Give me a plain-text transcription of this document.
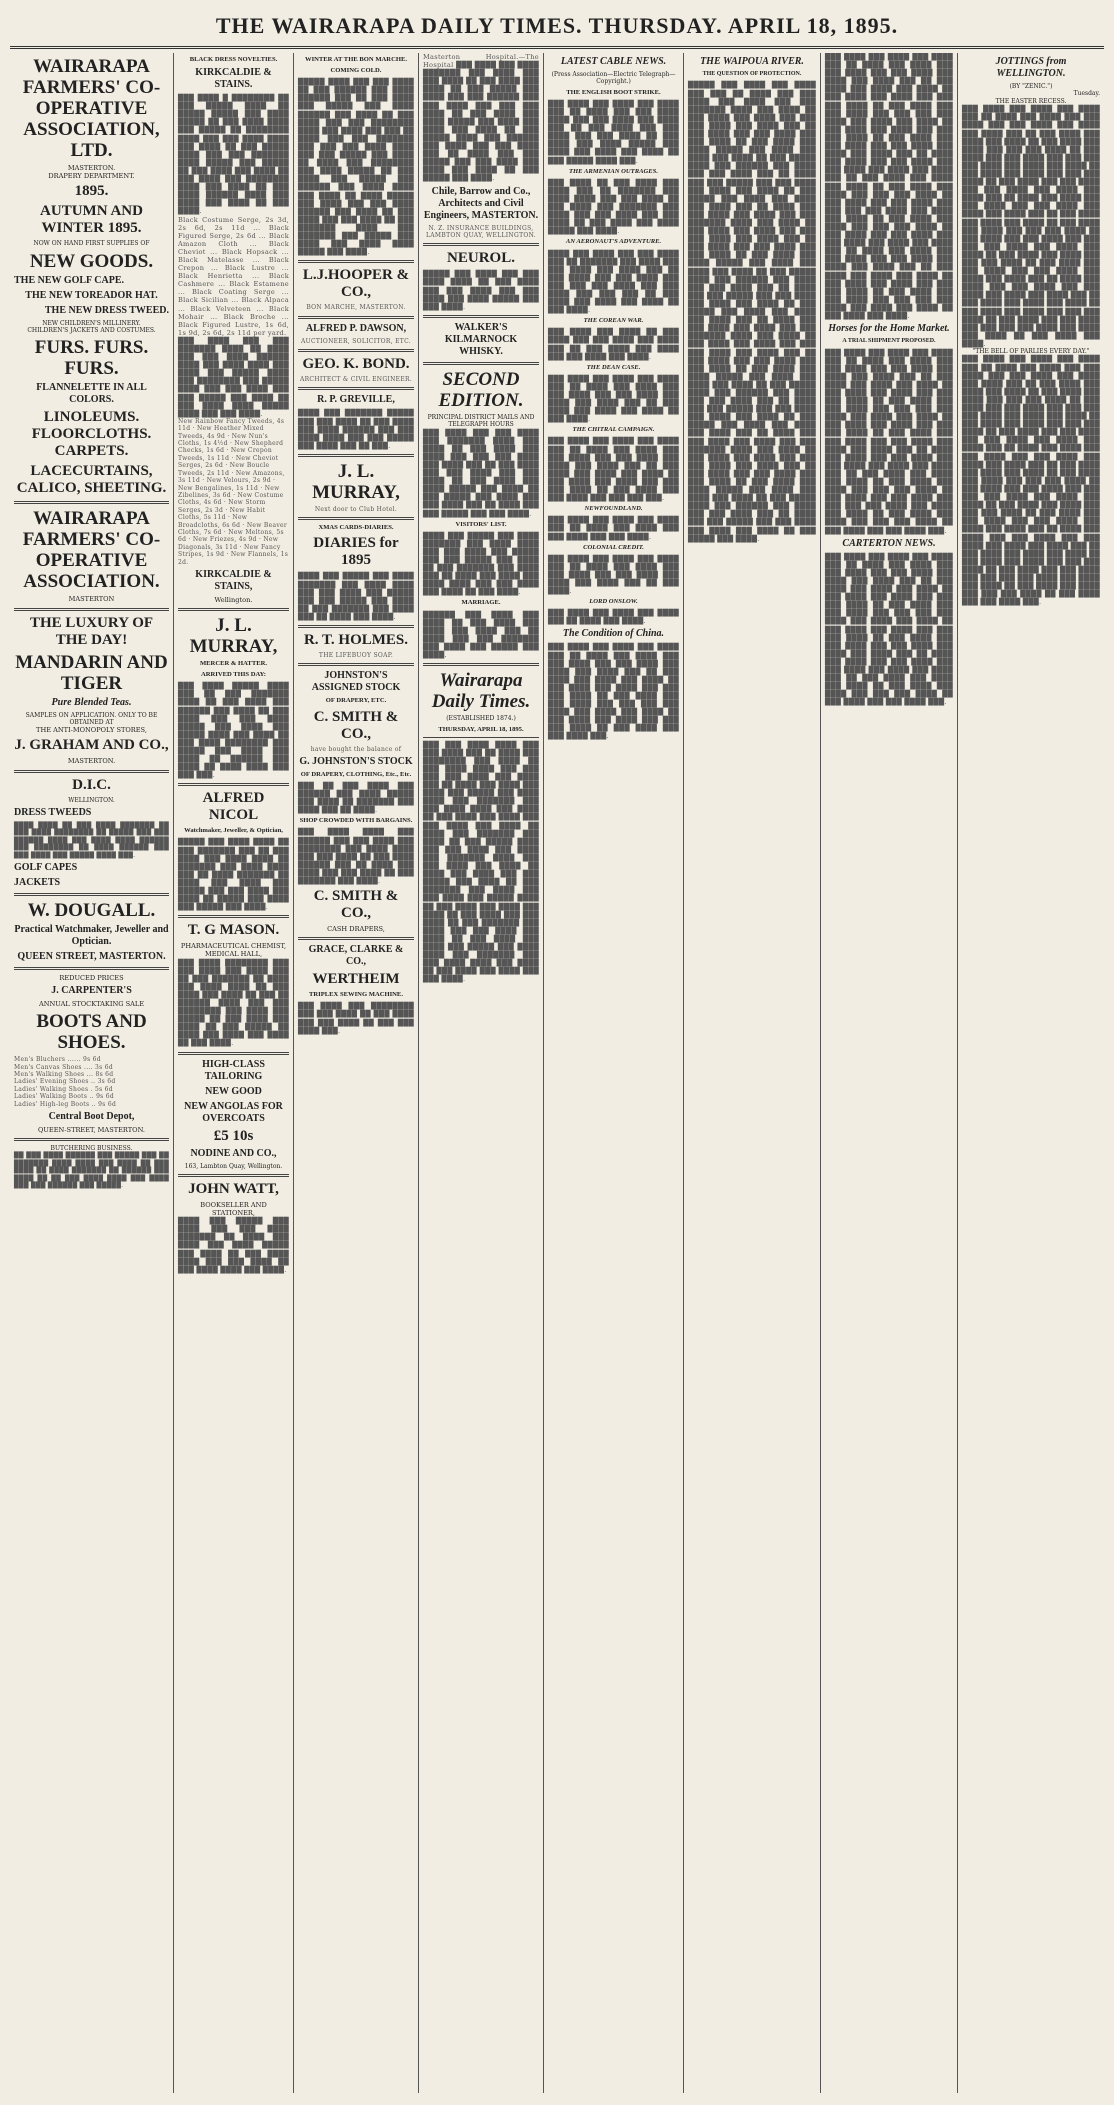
THE WAIRARAPA DAILY TIMES. THURSDAY. APRIL 18, 1895.
WAIRARAPA FARMERS' CO-OPERATIVE ASSOCIATION, LTD.
MASTERTON.
DRAPERY DEPARTMENT.
1895.
AUTUMN AND WINTER 1895.
NOW ON HAND FIRST SUPPLIES OF
NEW GOODS.
THE NEW GOLF CAPE.
THE NEW TOREADOR HAT.
THE NEW DRESS TWEED.
NEW CHILDREN'S MILLINERY.
CHILDREN'S JACKETS AND COSTUMES.
FURS. FURS. FURS.
FLANNELETTE IN ALL COLORS.
LINOLEUMS. FLOORCLOTHS. CARPETS.
LACECURTAINS, CALICO, SHEETING.
WAIRARAPA FARMERS' CO-OPERATIVE ASSOCIATION.
MASTERTON
THE LUXURY OF THE DAY!
MANDARIN AND TIGER
Pure Blended Teas.
SAMPLES ON APPLICATION. ONLY TO BE OBTAINED AT
THE ANTI-MONOPOLY STORES,
J. GRAHAM AND CO.,
MASTERTON.
D.I.C.
WELLINGTON.
DRESS TWEEDS
████ ████ ██ ███ ████ ███████ ██ ███ ████ ████████ ██ █████ ███ ███ ██████ ████ ███ ████ ████ ██████ ███ ████████ ██ ████ ██████ ███ ███ ████ ███ █████ ████ ███.
GOLF CAPES
JACKETS
W. DOUGALL.
Practical Watchmaker, Jeweller and Optician.
QUEEN STREET, MASTERTON.
REDUCED PRICES
J. CARPENTER'S
ANNUAL STOCKTAKING SALE
BOOTS AND SHOES.
Men's Bluchers ...... 9s 6d
Men's Canvas Shoes .... 3s 6d
Men's Walking Shoes ... 8s 6d
Ladies' Evening Shoes .. 3s 6d
Ladies' Walking Shoes . 5s 6d
Ladies' Walking Boots .. 9s 6d
Ladies' High-leg Boots .. 9s 6d
Central Boot Depot,
QUEEN-STREET, MASTERTON.
BUTCHERING BUSINESS.
██ ███ ████ ██████ ███ █████ ███ ██ ███████ ████ ████ ███ ████ ██ ███ ████ ██ ████ ███████ ██ ██████ ███ ████ ██ ██ ███ ████ ████ ███ ████ ███ ███ ██████ ███ █████.
BLACK DRESS NOVELTIES.
KIRKCALDIE & STAINS.
███ ████ █ ████████ ██ ███ █████ ████ ██ █████ █████ ███ ████ █████ ██ ███ ████ ████ ███ █████ ██ ████████ ████ ███ ███ ████ ████ ███ ████ ██ ███ █████ ████ ███ ███ ███████ ████ █████ ███ █████ ██ ███ ████ ███ ████ ██ ███ ████ ███ ████████ ████ ███ ████ ██ ███ ████ ██████ ████ ███ ████ ███ ████ ██ ███ ████.
Black Costume Serge, 2s 3d, 2s 6d, 2s 11d ... Black Figured Serge, 2s 6d ... Black Amazon Cloth ... Black Cheviot ... Black Hopsack ... Black Matelasse ... Black Crepon ... Black Lustre ... Black Henrietta ... Black Cashmere ... Black Estamene ... Black Coating Serge ... Black Sicilian ... Black Alpaca ... Black Velveteen ... Black Mohair ... Black Broche ... Black Figured Lustre, 1s 6d, 1s 9d, 2s 6d, 2s 11d per yard.
███ ████ ███ ███ ███████ ████ ██ ████ ███ ███ ████ ██████ ████ ███ ████ ████ ███ ████ ███ █████ ████ ███ ████████ ███ █████ ████ ███ ███ ████ ███ ███ █████ ███ ████ ██ ███ ████ ████ █████ ████ ███ ███ ████.
New Rainbow Fancy Tweeds, 4s 11d · New Heather Mixed Tweeds, 4s 9d · New Nun's Cloths, 1s 4½d · New Shepherd Checks, 1s 6d · New Crepon Tweeds, 1s 11d · New Cheviot Serges, 2s 6d · New Boucle Tweeds, 2s 11d · New Amazons, 3s 11d · New Velours, 2s 9d · New Bengalines, 1s 11d · New Zibelines, 3s 6d · New Costume Cloths, 4s 6d · New Storm Serges, 2s 3d · New Habit Cloths, 5s 11d · New Broadcloths, 6s 6d · New Beaver Cloths, 7s 6d · New Meltons, 5s 6d · New Friezes, 4s 9d · New Diagonals, 3s 11d · New Fancy Stripes, 1s 9d · New Flannels, 1s 2d.
KIRKCALDIE & STAINS,
Wellington.
J. L. MURRAY,
MERCER & HATTER.
ARRIVED THIS DAY:
███ ████ █████ ████ ███ ██ ███ ███████ ████ ██ ███ ████ ███ ██████ ███ ████ ██ ███ ████ ███ ███ ████ █████ ███ ████ ███ █████ ████ ███ ████ ██ ███ ████ ████████ ███ █████ ███ ████ ███ ████ ██ ██████ ███ ████ ██ ████ ████ ███ ███ ███.
ALFRED NICOL
Watchmaker, Jeweller, & Optician,
█████ ███ ████ ████ ██ ███ ███████ ███ ██ ███ ████ ███ ████ ████ ██ ███████ ███ ████ ████ ███ ██ ████ ███████ ██ ████ ███ ████ ███ █████ ███ ███ ████ ███ ████ ██ █████ ███ ████ ███ █████ ███ ████.
T. G MASON.
PHARMACEUTICAL CHEMIST,
MEDICAL HALL,
███ ████ ████████ ███ ███ ████ ███ ████ ███ ██ ███ ███████ ██ ████ ███ ████ ████ ██ ███ ████ ███ ████ ██ ███ ██ ██████ ████ ███ ███ ████████ ███ ████ ███ █████ ██ ███ ████ ███ ████ ██ ███ █████ ██ ████ ███ ████ ███ ████ ██ ███ ████.
HIGH-CLASS TAILORING
NEW GOOD
NEW ANGOLAS FOR OVERCOATS
£5 10s
NODINE AND CO.,
163, Lambton Quay, Wellington.
JOHN WATT,
BOOKSELLER AND STATIONER,
████ ███ █████ ███ ████ ███ ███ ████ ███████ ██ ████ ███ ████ ███ ████ █████ ███ ████ ██ ███ ████ ████ ███ ███ ████ ██ ███ ████ ████ ███ ████.
WINTER AT THE BON MARCHE.
COMING COLD.
█████ ████ ███ ███ ████ ██ ███ ██████ ███ ████ ██████ ███ ██ ███ ████ ███ █████ ███ ████ ██████ ███ ████ ██ ███ ████ ███ ███ ████████ ████ ███ ████ ███ ███ ██ ████ ███ ███ ███████ ███ ███ ███ ████ ████ ███ ███ █████ ███ ████ ██ ████ ███ ████████ ███ ████ █████ ██ ███ ████ ███ █████ ███ ██████ ███ ████ ████ ███ ████ ██ ████ █████ ███ ████ ███ ███ ████ ██████ ███ ████ ██ ███ ████ ███ ███ ████ ██ ███ ███████ ████ ███ ███████ ███ █████ ███ ████ ███ ████ ████ █████ ███ ████.
L.J.HOOPER & CO.,
BON MARCHE, MASTERTON.
ALFRED P. DAWSON,
AUCTIONEER, SOLICITOR, ETC.
GEO. K. BOND.
ARCHITECT & CIVIL ENGINEER.
R. P. GREVILLE,
████ ███ ███████ █████ ███ ███ ████ ██ ███ ████ ███ ████ ██████ ███ ███ ████ ████ ███ ███ █████ ███ ████ ███ ██ ███.
J. L. MURRAY,
Next door to Club Hotel.
XMAS CARDS-DIARIES.
DIARIES for 1895
████ ███ █████ ███ ████ ███████ ███ ████ ████ ███ ███ ████ ███ █████ ███ ███ █████ ███ ████ ██ ███ ███████ ███ ████ ███ ██ ████ ███ ████.
R. T. HOLMES.
THE LIFEBUOY SOAP.
JOHNSTON'S ASSIGNED STOCK
OF DRAPERY, ETC.
C. SMITH & CO.,
have bought the balance of
G. JOHNSTON'S STOCK
OF DRAPERY, CLOTHING, Etc., Etc.
███ ██ ███ ████ ███ ██████ ███ ████ █████ ███ ████ ██ ███████ ███ ████ ███ ██ ████.
SHOP CROWDED WITH BARGAINS.
███ ████ ████ ███ ██████ ███ ███ ████ ███ ████████ ███ ████ ████ ███ ███ ████ ██ ███ ████ ██████ ███ ██ ████ ███ ████ ███ ███ ████ ██ ███ ███████ ███ ████.
C. SMITH & CO.,
CASH DRAPERS,
GRACE, CLARKE & CO.,
WERTHEIM
TRIPLEX SEWING MACHINE.
███ ████ ███ ████████ ███ ███ ████ ██ ███ ████ ███ ███ ████ ██ ███ ███ ████ ███.
Masterton Hospital.—The Hospital ███ ████ ███ ████ ███████ ███ ████ ███ ███ ████ ██ ███ ████ ███ ████ ██ ███ █████ ███ ████ ███ ███ ██████ ███ ███ ████ ███ ███ ███ ████ ██ ███ ████ ███ ████ █████ ███ ████ ███ ████ ███ ████ ██ ███ █████ ████ ███ ██████ ███ ████ ███ ███ ████ ███ ██ ████ ███ ███ █████ ███ ███ ████ ███ ████ ███ ████ ██ ███ █████ ███ ████.
Chile, Barrow and Co., Architects and Civil Engineers, MASTERTON.
N. Z. INSURANCE BUILDINGS, LAMBTON QUAY, WELLINGTON.
NEUROL.
█████ ███ ████ ███ ███ ████ ████ ██ ███ ████ ███ ███ ████ ███ ███ ████ ███ ████ █████ ███ ███ ████.
WALKER'S KILMARNOCK WHISKY.
SECOND EDITION.
PRINCIPAL DISTRICT MAILS AND TELEGRAPH HOURS
███ ████ ███ ███ ████ ███ ███████ ████ ███ ████ ██ ███ ████ ███ ████ ███ ███ ███ ████ ███ ████ ███ ██ ███ ████ ███ ███ ████ ███ ███ ████ ██ ███ ████ ███ ████ █████ ███ ████ ██ ███ █████ ███ ████ ███ ███ ████ ███ ██ ████ ███ ███ █████ ███ ███ ████.
VISITORS' LIST.
████ ███ █████ ███ ████ ███████ ███ ████ ████ ███ ███ ████ ███ █████ ███ ███ █████ ███ ████ ██ ███ ███████ ███ ████ ███ ██ ████ ███ ████ ███ ████ ████ ███ ███ ████ ███ ████ ██ ███ ████.
MARRIAGE.
██████ ███ ████ ███ ████ ██ ███ ████ ███ ████ ███ ████ ███ ██ ████ ███ ███ ███████ ███ ████ ███ █████ ███ ████.
Wairarapa Daily Times.
(ESTABLISHED 1874.)
THURSDAY, APRIL 18, 1895.
███ ███ ████ ████ ███ ███ ████ ███ ██ ████ ███ ████████ ███ ████ ██ ███ ████ ████ ███ ███ ███ ███ ████ ███ ████ ███ ██ ████ ███ ████ ███ ████ ███ █████ ███ ████ ████ ███ ███████ ███ ███ ████ ████ ███ ████ ██ ███ ████ ███ ████ ███ ███ ████ ███ ████ ██ ████ ███ ███████ ███ ████ ██ ███ █████ ████ ███ ███ ████ ███ ████ ███ ███████ ████ ███ ███ ████ ███ ████ ██ ████ ███ ████ ███ ███ █████ ███ ████ ██ ███ ███████ ███ ████ ███ ███ ████ ███ █████ ████ ██ ███ ████ ███ ████ ███ ████ ██ ███ ████ ███ ███ ████ ██ ███ ███████ ███ ████ ███ ███ ████ ███ ████ ██ ███ ████ ███ ████ ███ █████ ███ ████ ████ ███ ███████ ███ ███ ████ ████ ███ ████ ██ ███ ████ ███ ████ ███ ███ ████.
LATEST CABLE NEWS.
(Press Association—Electric Telegraph—Copyright.)
THE ENGLISH BOOT STRIKE.
███ ████ ███ ████ ███ ████ ███ ██ ████ ███ ███ ████ ████ ███ ███ ████ ███ ████ ███ ██ ███ ████ ███ ███ ████ ███ ███ ████ ██ ███ ████ ███ ████ █████ ███ ████ ███ ████ ███ ████ ██ ███ █████ ████ ███.
THE ARMENIAN OUTRAGES.
███ ████ ██ ███ ████ ███ ████ ███ ██ ███████ ███ ████ ████ ███ ███ ████ ██ ███ ████ ███ ███████ ███ ████ ███ ███ ████ ███ ███ ████ ██ ███ ████ ███ ████ █████ ███ ████.
AN AERONAUT'S ADVENTURE.
████ ███ ████ ███ ███ ████ ███ ██ ███████ ███ ████ ███ ███ ████ ███ ████ ███ ██ ███ ████ ███ ███ ████ ███ ███ ███ ███ ████ ███ ███ ████ ███ ███ ███ ██ ███ ████ ███ ████ ███ ████ ██ ███ ████.
THE COREAN WAR.
███ ████ ███ ████ ██ ███ ████ ███ ███ ████ ███ ████ ███ ██ ███ ████ ███ ████ ███ ███ ████ ███ ████.
THE DEAN CASE.
███ ████ ███ ████ ███ ████ ███ ██ ████ ███ ████ ███ ███ ████ ███ ███ ████ ███ ████ ███ ████ ███ ██ ███ ████ ███ ████ ███ ████ ██ ███ ████.
THE CHITRAL CAMPAIGN.
███ ████ ███ ████ ███ ████ ███ ██ ████ ███ ████ ███ ███ ████ ███ ███ ████ ███ ████ ███ ████ ███ ██ ███ ████ ███ ████ ███ ████ ██ ███ ████ ███ ████ ███ ███ ███ ████ ██ ███ ████ ███ ███ ████ ███ ███ ███ ███.
NEWFOUNDLAND.
███ ████ ███ ████ ███ ████ ███ ██ ████ ███ ████ ███ ███ ████ ███ ███ ████.
COLONIAL CREDIT.
███ ████ ███ ████ ███ ████ ███ ██ ████ ███ ████ ███ ███ ████ ███ ███ ████ ███ ████ ███ ████ ███ ██ ███ ████.
LORD ONSLOW.
███ ████ ███ ████ ███ ████ ███ ██ ████ ███ ████.
The Condition of China.
███ ████ ███ ████ ███ ████ ███ ██ ████ ███ ████ ███ ███ ████ ███ ███ ████ ███ ████ ███ ████ ███ ██ ███ ████ ███ ████ ███ ████ ██ ███ ████ ███ ████ ███ ███ ███ ████ ██ ███ ████ ███ ███ ████ ███ ███ ███ ███ ████ ███ ████ ███ ████ ██ ███ ████ ███ ████ ███ ███ ███ ████ ██ ███ ████ ███ ███ ████ ███.
THE WAIPOUA RIVER.
THE QUESTION OF PROTECTION.
█████ ███ ████ ███ ████ ███ ███ ██ ████ ███ ███ ████ ███ ████ ███ ███ ███████ ████ ███ ████ ██ ███ ████ ███ ████ ███ ███ ███ ████ ███ ████ ███ ██ ███ ████ ███ ███ ████ ███ ███ ████ ██ ███ ████ ███ ████ █████ ███ ████ ███ ████ ███ ████ ██ ███ █████ ████ ███ ██████ ███ ████ ███ ███ ████ ███ ██ ████ ███ ███ █████ ███ ███ ████ ███ ████ ███ ████ ██ ███ █████ ███ ████ ███ ████ ███ ████ ███ ██ ████ ███ ███ ████ ███ ████ ███ ███ ███████ ████ ███ ████ ██ ███ ████ ███ ████ ███ ███ ███ ████ ███ ████ ███ ██ ███ ████ ███ ███ ████ ███ ███ ████ ██ ███ ████ ███ ████ █████ ███ ████ ███ ████ ███ ████ ██ ███ █████ ████ ███ ██████ ███ ████ ███ ███ ████ ███ ██ ████ ███ ███ █████ ███ ███ ████ ███ ████ ███ ████ ██ ███ █████ ███ ████ ███ ████ ███ ████ ███ ██ ████ ███ ███ ████ ███ ████ ███ ███ ███████ ████ ███ ████ ██ ███ ████ ███ ████ ███ ███ ███ ████ ███ ████ ███ ██ ███ ████ ███ ███ ████ ███ ███ ████ ██ ███ ████ ███ ████ █████ ███ ████ ███ ████ ███ ████ ██ ███ █████ ████ ███ ██████ ███ ████ ███ ███ ████ ███ ██ ████ ███ ███ █████ ███ ███ ████ ███ ████ ███ ████ ██ ███ █████ ███ ████ ███ ████ ███ ████ ███ ██ ████ ███ ███ ████ ███ ████ ███ ███ ███████ ████ ███ ████ ██ ███ ████ ███ ████ ███ ███ ███ ████ ███ ████ ███ ██ ███ ████ ███ ███ ████ ███ ███ ████ ██ ███ ████ ███ ████ █████ ███ ████ ███ ████ ███ ████ ██ ███ █████ ████ ███ ██████ ███ ████ ███ ███ ████ ███ ██ ████ ███ ███ █████ ███ ███ ████ ███ ████ ███ ████ ██ ███ █████ ███ ████.
███ ████ ███ ████ ███ ████ ███ ██ ████ ███ ████ ███ ███ ████ ███ ███ ████ ███ ████ ███ ████ ███ ██ ███ ████ ███ ████ ███ ████ ██ ███ ████ ███ ████ ███ ███ ███ ████ ██ ███ ████ ███ ███ ████ ███ ███ ███ ███ ████ ███ ████ ███ ████ ██ ███ ████ ███ ████ ███ ███ ███ ████ ██ ███ ████ ███ ███ ████ ███ ███ ████ ███ ████ ███ ████ ███ ██ ████ ███ ████ ███ ███ ████ ███ ███ ████ ███ ████ ███ ████ ███ ██ ███ ████ ███ ████ ███ ████ ██ ███ ████ ███ ████ ███ ███ ███ ████ ██ ███ ████ ███ ███ ████ ███ ███ ███ ███ ████ ███ ████ ███ ████ ██ ███ ████ ███ ████ ███ ███ ███ ████ ██ ███ ████ ███ ███ ████ ███ ███ ████ ███ ████ ███ ████ ███ ██ ████ ███ ████ ███ ███ ████ ███ ███ ████ ███ ████ ███ ████ ███ ██ ███ ████ ███ ████ ███ ████ ██ ███ ████ ███ ████ ███ ███ ███ ████ ██ ███ ████ ███ ███ ████ ███ ███ ███ ███ ████ ███ ████ ███ ████ ██ ███ ████ ███ ████.
Horses for the Home Market.
A TRIAL SHIPMENT PROPOSED.
███ ████ ███ ████ ███ ████ ███ ██ ████ ███ ████ ███ ███ ████ ███ ███ ████ ███ ████ ███ ████ ███ ██ ███ ████ ███ ████ ███ ████ ██ ███ ████ ███ ████ ███ ███ ███ ████ ██ ███ ████ ███ ███ ████ ███ ███ ███ ███ ████ ███ ████ ███ ████ ██ ███ ████ ███ ████ ███ ███ ███ ████ ██ ███ ████ ███ ███ ████ ███ ███ ████ ███ ████ ███ ████ ███ ██ ████ ███ ████ ███ ███ ████ ███ ███ ████ ███ ████ ███ ████ ███ ██ ███ ████ ███ ████ ███ ████ ██ ███ ████ ███ ████ ███ ███ ███ ████ ██ ███ ████ ███ ███ ████ ███ ███ ███ ███ ████ ███ ████ ███ ████ ██ ███ ████ ███ ████ ███ ███ ███ ████ ██ ███ ████ ███ ███ ████ ███.
CARTERTON NEWS.
███ ████ ███ ████ ███ ████ ███ ██ ████ ███ ████ ███ ███ ████ ███ ███ ████ ███ ████ ███ ████ ███ ██ ███ ████ ███ ████ ███ ████ ██ ███ ████ ███ ████ ███ ███ ███ ████ ██ ███ ████ ███ ███ ████ ███ ███ ███ ███ ████ ███ ████ ███ ████ ██ ███ ████ ███ ████ ███ ███ ███ ████ ██ ███ ████ ███ ███ ████ ███ ███ ████ ███ ████ ███ ████ ███ ██ ████ ███ ████ ███ ███ ████ ███ ███ ████ ███ ████ ███ ████ ███ ██ ███ ████ ███ ████ ███ ████ ██ ███ ████ ███ ████ ███ ███ ███ ████ ██ ███ ████ ███ ███ ████ ███.
JOTTINGS from WELLINGTON.
(BY "ZENIC.")
Tuesday.
THE EASTER RECESS.
███ ████ ███ ████ ███ ████ ███ ██ ████ ███ ████ ███ ███ ████ ███ ███ ████ ███ ████ ███ ████ ███ ██ ███ ████ ███ ████ ███ ████ ██ ███ ████ ███ ████ ███ ███ ███ ████ ██ ███ ████ ███ ███ ████ ███ ███ ███ ███ ████ ███ ████ ███ ████ ██ ███ ████ ███ ████ ███ ███ ███ ████ ██ ███ ████ ███ ███ ████ ███ ███ ████ ███ ████ ███ ████ ███ ██ ████ ███ ████ ███ ███ ████ ███ ███ ████ ███ ████ ███ ████ ███ ██ ███ ████ ███ ████ ███ ████ ██ ███ ████ ███ ████ ███ ███ ███ ████ ██ ███ ████ ███ ███ ████ ███ ███ ███ ███ ████ ███ ████ ███ ████ ██ ███ ████ ███ ████ ███ ███ ███ ████ ██ ███ ████ ███ ███ ████ ███ ███ ████ ███ ████ ███ ████ ███ ██ ████ ███ ████ ███ ███ ████ ███ ███ ████ ███ ████ ███ ████ ███ ██ ███ ████ ███ ████ ███ ████ ██ ███ ████ ███ ████ ███ ███ ███ ████ ██ ███ ████ ███ ███ ████ ███ ███ ███ ███ ████ ███ ████ ███ ████ ██ ███ ████ ███ ████.
"THE BELL OF PARLIES EVERY DAY."
███ ████ ███ ████ ███ ████ ███ ██ ████ ███ ████ ███ ███ ████ ███ ███ ████ ███ ████ ███ ████ ███ ██ ███ ████ ███ ████ ███ ████ ██ ███ ████ ███ ████ ███ ███ ███ ████ ██ ███ ████ ███ ███ ████ ███ ███ ███ ███ ████ ███ ████ ███ ████ ██ ███ ████ ███ ████ ███ ███ ███ ████ ██ ███ ████ ███ ███ ████ ███ ███ ████ ███ ████ ███ ████ ███ ██ ████ ███ ████ ███ ███ ████ ███ ███ ████ ███ ████ ███ ████ ███ ██ ███ ████ ███ ████ ███ ████ ██ ███ ████ ███ ████ ███ ███ ███ ████ ██ ███ ████ ███ ███ ████ ███ ███ ███ ███ ████ ███ ████ ███ ████ ██ ███ ████ ███ ████ ███ ███ ███ ████ ██ ███ ████ ███ ███ ████ ███ ███ ████ ███ ████ ███ ████ ███ ██ ████ ███ ████ ███ ███ ████ ███ ███ ████ ███ ████ ███ ████ ███ ██ ███ ████ ███ ████ ███ ████ ██ ███ ████ ███ ████ ███ ███ ███ ████ ██ ███ ████ ███ ███ ████ ███ ███ ███ ███ ████ ███ ████ ███ ████ ██ ███ ████ ███ ████ ███ ███ ███ ████ ██ ███ ████ ███ ███ ████ ███.
